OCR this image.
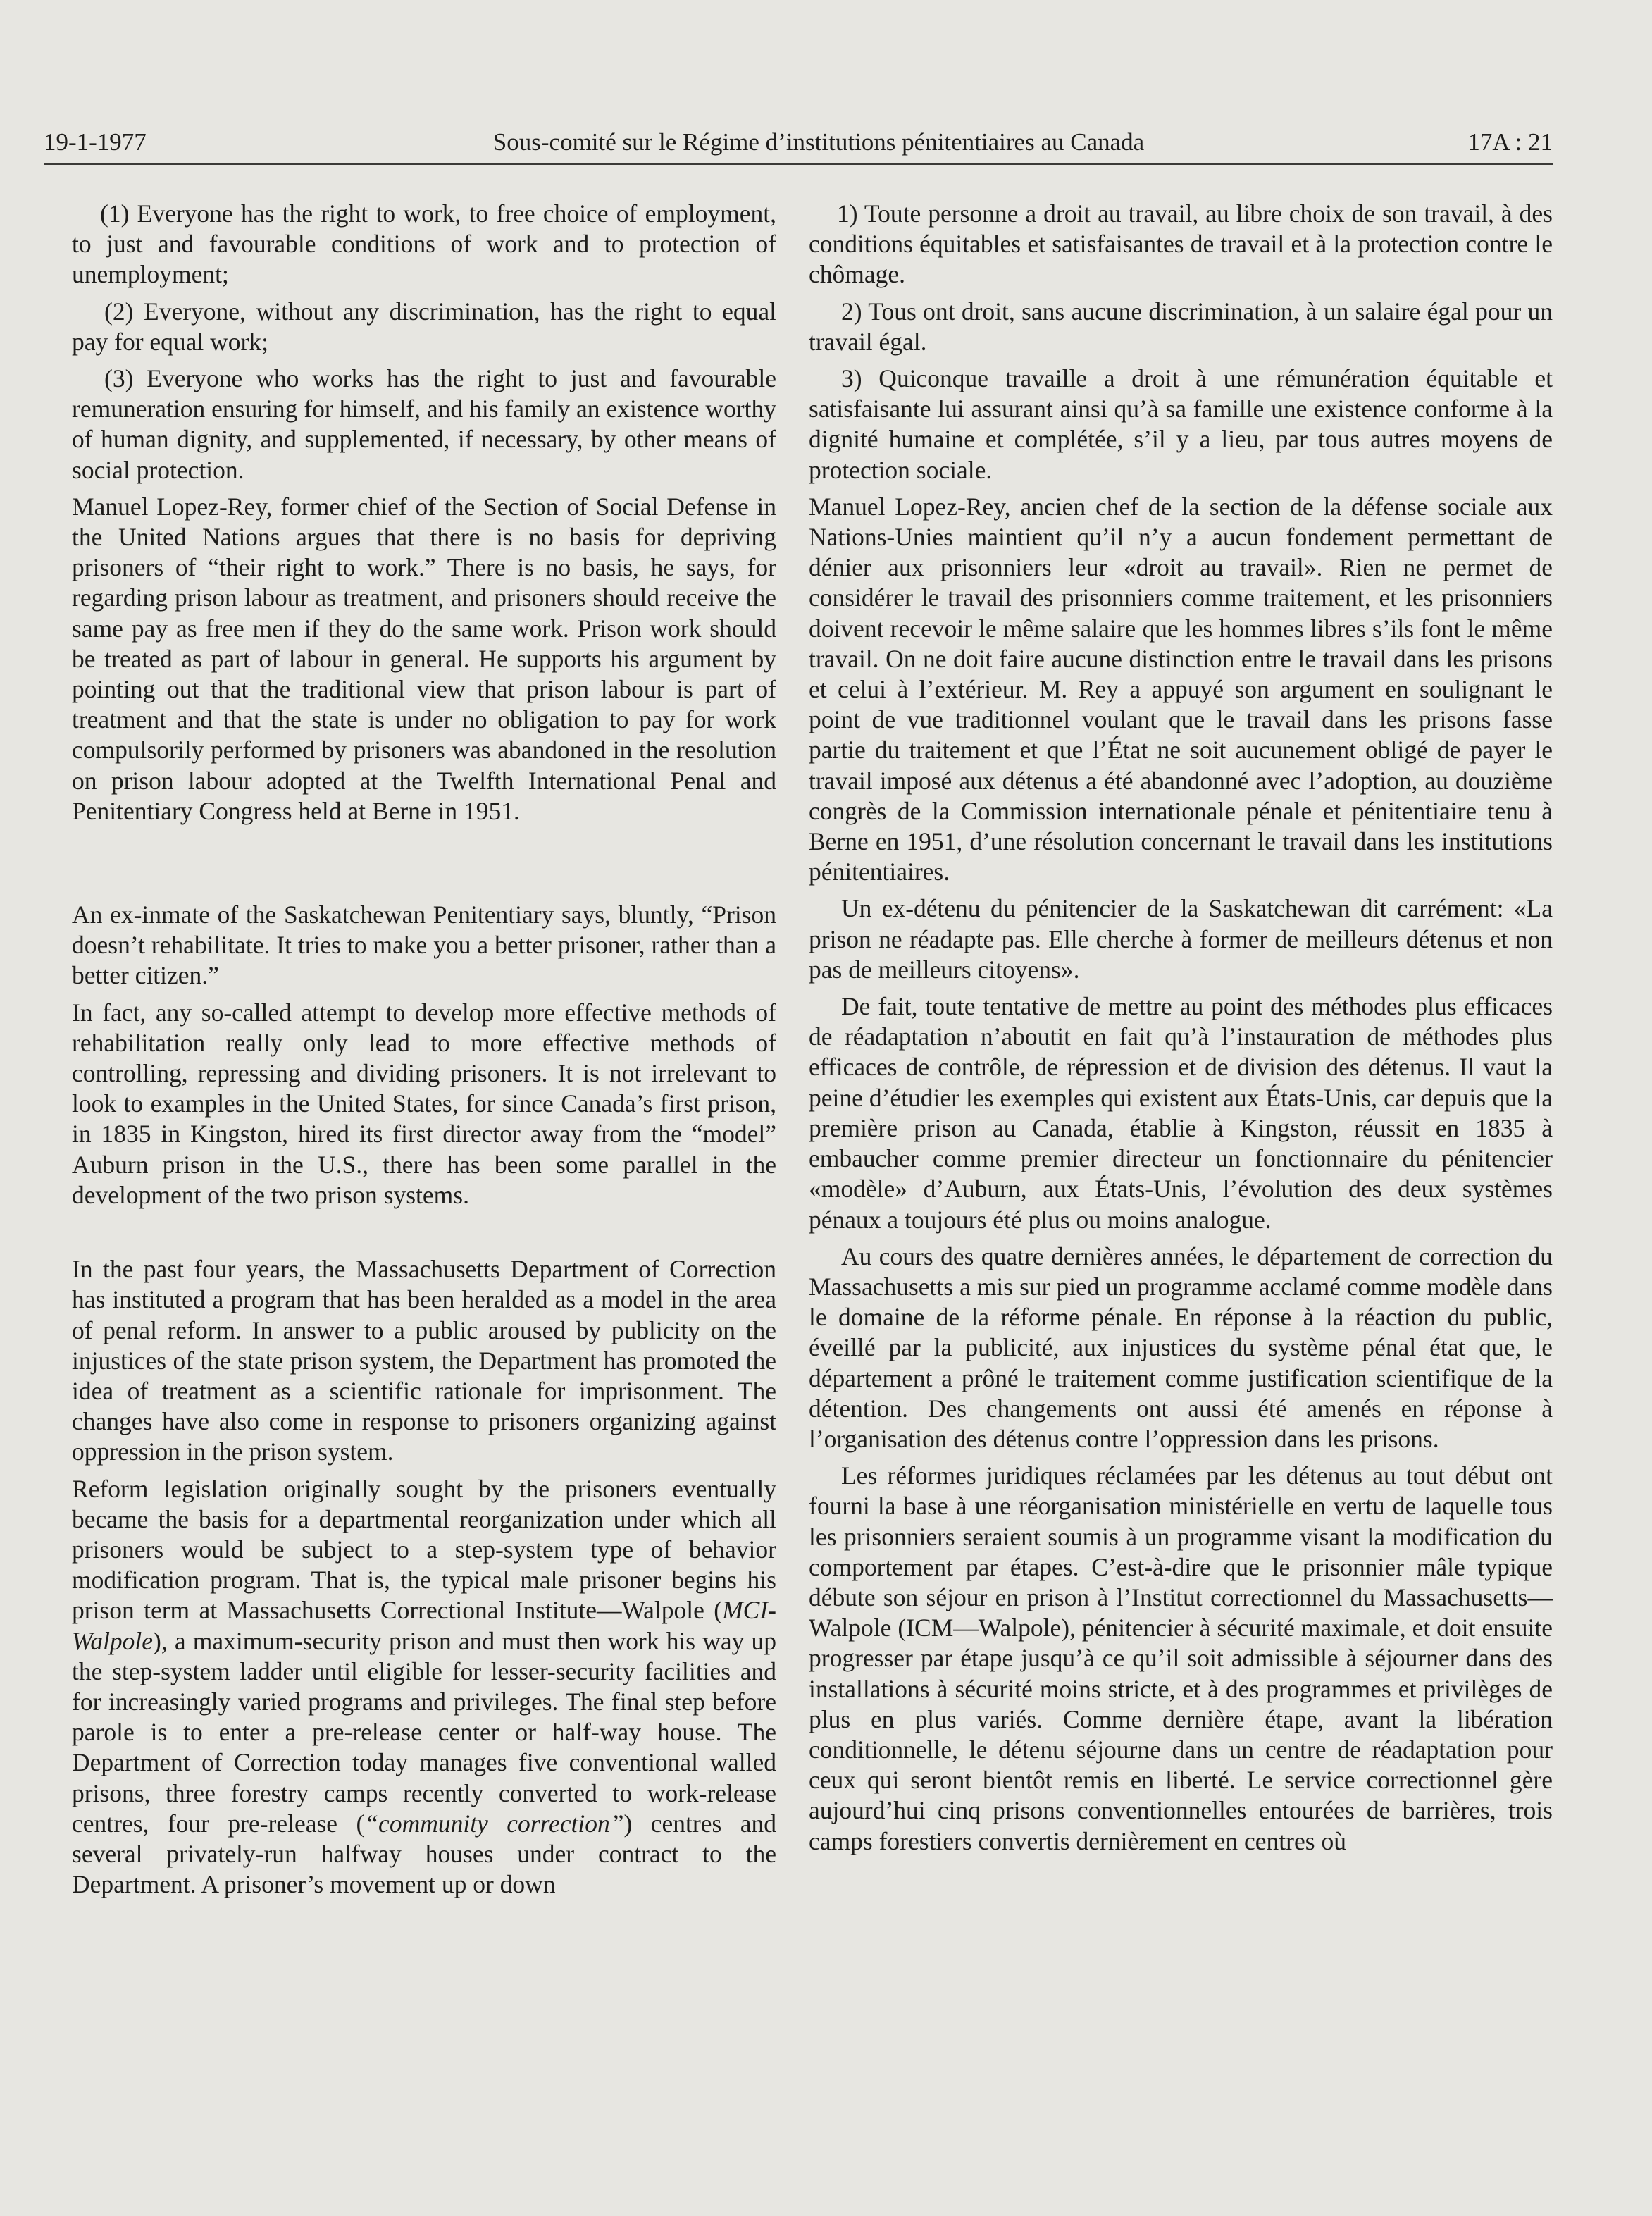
19-1-1977	Sous-comité sur le Régime d’institutions pénitentiaires au Canada	17A : 21

(1) Everyone has the right to work, to free choice of employment, to just and favourable conditions of work and to protection of unemployment;

(2) Everyone, without any discrimination, has the right to equal pay for equal work;

(3) Everyone who works has the right to just and favourable remuneration ensuring for himself, and his family an existence worthy of human dignity, and supplemented, if necessary, by other means of social protection.

Manuel Lopez-Rey, former chief of the Section of Social Defense in the United Nations argues that there is no basis for depriving prisoners of “their right to work.” There is no basis, he says, for regarding prison labour as treatment, and prisoners should receive the same pay as free men if they do the same work. Prison work should be treated as part of labour in general. He supports his argument by pointing out that the traditional view that prison labour is part of treatment and that the state is under no obligation to pay for work compulsorily performed by prisoners was abandoned in the resolution on prison labour adopted at the Twelfth International Penal and Penitentiary Congress held at Berne in 1951.

An ex-inmate of the Saskatchewan Penitentiary says, bluntly, “Prison doesn’t rehabilitate. It tries to make you a better prisoner, rather than a better citizen.”

In fact, any so-called attempt to develop more effective methods of rehabilitation really only lead to more effective methods of controlling, repressing and dividing prisoners. It is not irrelevant to look to examples in the United States, for since Canada’s first prison, in 1835 in Kingston, hired its first director away from the “model” Auburn prison in the U.S., there has been some parallel in the development of the two prison systems.

In the past four years, the Massachusetts Department of Correction has instituted a program that has been heralded as a model in the area of penal reform. In answer to a public aroused by publicity on the injustices of the state prison system, the Department has promoted the idea of treatment as a scientific rationale for imprisonment. The changes have also come in response to prisoners organizing against oppression in the prison system.

Reform legislation originally sought by the prisoners eventually became the basis for a departmental reorganization under which all prisoners would be subject to a step-system type of behavior modification program. That is, the typical male prisoner begins his prison term at Massachusetts Correctional Institute—Walpole (MCI-Walpole), a maximum-security prison and must then work his way up the step-system ladder until eligible for lesser-security facilities and for increasingly varied programs and privileges. The final step before parole is to enter a pre-release center or half-way house. The Department of Correction today manages five conventional walled prisons, three forestry camps recently converted to work-release centres, four pre-release (“community correction”) centres and several privately-run halfway houses under contract to the Department. A prisoner’s movement up or down

1) Toute personne a droit au travail, au libre choix de son travail, à des conditions équitables et satisfaisantes de travail et à la protection contre le chômage.

2) Tous ont droit, sans aucune discrimination, à un salaire égal pour un travail égal.

3) Quiconque travaille a droit à une rémunération équitable et satisfaisante lui assurant ainsi qu’à sa famille une existence conforme à la dignité humaine et complétée, s’il y a lieu, par tous autres moyens de protection sociale.

Manuel Lopez-Rey, ancien chef de la section de la défense sociale aux Nations-Unies maintient qu’il n’y a aucun fondement permettant de dénier aux prisonniers leur «droit au travail». Rien ne permet de considérer le travail des prisonniers comme traitement, et les prisonniers doivent recevoir le même salaire que les hommes libres s’ils font le même travail. On ne doit faire aucune distinction entre le travail dans les prisons et celui à l’extérieur. M. Rey a appuyé son argument en soulignant le point de vue traditionnel voulant que le travail dans les prisons fasse partie du traitement et que l’État ne soit aucunement obligé de payer le travail imposé aux détenus a été abandonné avec l’adoption, au douzième congrès de la Commission internationale pénale et pénitentiaire tenu à Berne en 1951, d’une résolution concernant le travail dans les institutions pénitentiaires.

Un ex-détenu du pénitencier de la Saskatchewan dit carrément: «La prison ne réadapte pas. Elle cherche à former de meilleurs détenus et non pas de meilleurs citoyens».

De fait, toute tentative de mettre au point des méthodes plus efficaces de réadaptation n’aboutit en fait qu’à l’instauration de méthodes plus efficaces de contrôle, de répression et de division des détenus. Il vaut la peine d’étudier les exemples qui existent aux États-Unis, car depuis que la première prison au Canada, établie à Kingston, réussit en 1835 à embaucher comme premier directeur un fonctionnaire du pénitencier «modèle» d’Auburn, aux États-Unis, l’évolution des deux systèmes pénaux a toujours été plus ou moins analogue.

Au cours des quatre dernières années, le département de correction du Massachusetts a mis sur pied un programme acclamé comme modèle dans le domaine de la réforme pénale. En réponse à la réaction du public, éveillé par la publicité, aux injustices du système pénal état que, le département a prôné le traitement comme justification scientifique de la détention. Des changements ont aussi été amenés en réponse à l’organisation des détenus contre l’oppression dans les prisons.

Les réformes juridiques réclamées par les détenus au tout début ont fourni la base à une réorganisation ministérielle en vertu de laquelle tous les prisonniers seraient soumis à un programme visant la modification du comportement par étapes. C’est-à-dire que le prisonnier mâle typique débute son séjour en prison à l’Institut correctionnel du Massachusetts—Walpole (ICM—Walpole), pénitencier à sécurité maximale, et doit ensuite progresser par étape jusqu’à ce qu’il soit admissible à séjourner dans des installations à sécurité moins stricte, et à des programmes et privilèges de plus en plus variés. Comme dernière étape, avant la libération conditionnelle, le détenu séjourne dans un centre de réadaptation pour ceux qui seront bientôt remis en liberté. Le service correctionnel gère aujourd’hui cinq prisons conventionnelles entourées de barrières, trois camps forestiers convertis dernièrement en centres où
